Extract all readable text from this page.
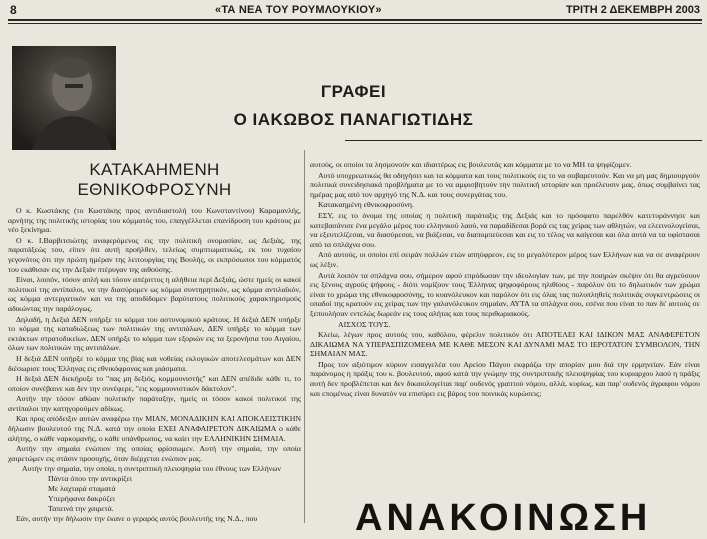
8	«ΤΑ ΝΕΑ ΤΟΥ ΡΟΥΜΛΟΥΚΙΟΥ»	ΤΡΙΤΗ 2 ΔΕΚΕΜΒΡΗ 2003
ΓΡΑΦΕΙ
Ο ΙΑΚΩΒΟΣ ΠΑΝΑΓΙΩΤΙΔΗΣ
ΚΑΤΑΚΑΗΜΕΝΗ
ΕΘΝΙΚΟΦΡΟΣΥΝΗ

Ο κ. Κωστάκης (το Κωστάκης προς αντιδιαστολή του Κωνσταντίνου) Καραμανλής, αρνήτης της πολιτικής ιστορίας του κόμματός του, επαγγέλλεται επανίδρυση του κράτους με νέο ξεκίνημα.

Ο κ. Ι.Βαρβιτσιώτης αναφερόμενος εις την πολιτική ονομασίαν, ως Δεξιάς, της παρατάξεώς του, είπεν ότι αυτή προήλθεν, τελείως συμπτωματικώς, εκ του τυχαίου γεγονότος ότι την πρώτη ημέραν της λειτουργίας της Βουλής, οι εκπρόσωποι του κόμματός του εκάθισαν εις την Δεξιάν πτέρυγαν της αιθούσης.

Είναι, λοιπόν, τόσον απλή και τόσον απέριττος η αλήθεια περί Δεξιάς, ώστε ημείς οι κακοί πολιτικοί της αντίπαλοι, να την διασύρομεν ως κόμμα συντηρητικόν, ως κόμμα αντιλαϊκόν, ως κόμμα αντεργατικόν και να της αποδίδομεν βαρύτατους πολιτικούς χαρακτηρισμούς αδικώντας την παράλογως.

Δηλαδή, η Δεξιά ΔΕΝ υπήρξε το κόμμα του αστυνομικού κράτους. Η δεξιά ΔΕΝ υπήρξε το κόμμα της καταδιώξεως των πολιτικών της αντιπάλων, ΔΕΝ υπήρξε το κόμμα των εκτάκτων στρατοδικείων, ΔΕΝ υπήρξε το κόμμα των εξοριών εις τα ξερονήσια του Αιγαίου, όλων των πολιτικών της αντιπάλων.

Η δεξιά ΔΕΝ υπήρξε το κόμμα της βίας και νοθείας εκλογικών αποτελεσμάτων και ΔΕΝ διέσωρισε τους Έλληνας εις εθνικόφρονας και μιάσματα.

Η δεξιά ΔΕΝ διεκήρυξε το "πας μη δεξιός, κομμουνιστής" και ΔΕΝ απέδιδε κάθε τι, το οποίον συνέβαινε και δεν την συνέφερε, "εις κομμουνιστικόν δάκτυλον".

Αυτήν την τόσον αθώαν πολιτικήν παράταξην, ημείς οι τόσον κακοί πολιτικοί της αντίπαλοι την κατηγορούμεν αδίκως.

Και προς απόδειξιν αυτών αναφέρω την ΜΙΑΝ, ΜΟΝΑΔΙΚΗΝ ΚΑΙ ΑΠΟΚΛΕΙΣΤΙΚΗΝ δήλωσιν βουλευτού της Ν.Δ. κατά την οποία ΕΧΕΙ ΑΝΑΦΑΙΡΕΤΟΝ ΔΙΚΑΙΩΜΑ ο κάθε αλήτης, ο κάθε ναρκομανής, ο κάθε υπάνθρωπος, να καίει την ΕΛΛΗΝΙΚΗΝ ΣΗΜΑΙΑ.

Αυτήν την σημαία ενώπιον της οποίας φρίσσωμεν. Αυτή την σημαία, την οποία χαιρετώμεν εις στάσιν προσοχής, όταν διέρχεται ενώπιον μας.

Αυτήν την σημαία, την οποία, η συντριπτική πλειοψηφία του έθνους των Ελλήνων

Πάντα όπου την αντικρίζει

Με λαχταρά σταματά

Υπερήφανα δακρύζει

Ταπεινά την χαιρετά.

Εάν, αυτήν την δήλωσιν την έκανε ο γεραρός αυτός βουλευτής της Ν.Δ., που

αυτούς, οι οποίοι τα λησμονούν και ιδιαιτέρως εις βουλευτάς και κόμματα με το να ΜΗ τα ψηφίζομεν.

Αυτό υποχρεωτικώς θα οδηγήσει και τα κόμματα και τους πολιτικούς εις το να σοβαρευτούν. Και να μη μας δημιουργούν πολιτικά συνειδησιακά προβλήματα με το να αμφισβητούν την πολιτική ιστορίαν και προέλευσιν μας, όπως συμβαίνει τας ημέρας μας από τον αρχηγό της Ν.Δ. και τους συνεργάτας του.

Κατακαημένη εθνικοφροσύνη.

ΕΣΥ, εις το όνομα της οποίας η πολιτική παράταξις της Δεξιάς και το πρόσφατο παρελθόν κατετυράννησε και κατεβασάνισε ένα μεγάλο μέρος του ελληνικού λαού, να παραδίδεσαι βορά εις τας χείρας των αθλητών, να ελεεινολογείσαι, να εξευτελίζεσαι, να διασύρεσαι, να βιάζεσαι, να διαπομπεύεσαι και εις το τέλος να καίγεσαι και όλα αυτά να τα υφίστασαι από τα σπλάχνα σου.

Από αυτούς, οι οποίοι επί σειράν πολλών ετών απηύφρεον, εις το μεγαλύτερον μέρος των Ελλήνων και να σε αναφέρουν ως λέξιν.

Αυτά λοιπόν τα σπλάχνα σου, σήμερον αφού επρόδωσαν την ιδεολογίαν των, με την ποιηρών σκέψιν ότι θα αγρεύσουν εις ξένους αγρούς ψήφους - διότι νομίζουν τους Έλληνας ψηφοφόρους ηλιθίους - παρόλον ότι το δηλωτικόν των χρώμα είναι το χρώμα της εθνικοφροσύνης, το κυανόλευκον και παρόλον ότι εις όλας τας πολυπληθείς πολιτικάς συγκεντρώσεις οι οπαδοί της κρατούν εις χείρας των την γαλανόλευκον σημαίαν, ΑΥΤΑ τα σπλάχνα σου, εσένα που είναι το παν δι' αυτούς σε ξεπουλήσαν εντελώς δωρεάν εις τους αλήτας και τους περιθωριακούς.

ΑΙΣΧΟΣ ΤΟΥΣ.

Κλείω, λέγων προς αυτούς του, καθόλου, φέρελιν πολιτικόν ότι ΑΠΟΤΕΛΕΙ ΚΑΙ ΙΔΙΚΟΝ ΜΑΣ ΑΝΑΦΕΡΕΤΟΝ ΔΙΚΑΙΩΜΑ ΝΑ ΥΠΕΡΑΣΠΙΖΟΜΕΘΑ ΜΕ ΚΑΘΕ ΜΕΣΟΝ ΚΑΙ ΔΥΝΑΜΙ ΜΑΣ ΤΟ ΙΕΡΟΤΑΤΟΝ ΣΥΜΒΟΛΟΝ, ΤΗΝ ΣΗΜΑΙΑΝ ΜΑΣ.

Προς τον αξιότιμον κύριον εισαγγελέα του Αρείου Πάγου εκφράζω την απορίαν μου διά την ερμηνείαν. Εάν είναι παράνομος η πράξις του κ. βουλευτού, αφού κατά την γνώμην της συντριπτικής πλειοψηφίας του κυριαρχου λαού η πράξις αυτή δεν προβλέπεται και δεν δικαιολογείται παρ' ουδενός γραπτού νόμου, αλλά, κυρίως, και παρ' ουδενός άγραφου νόμου και επομένως είναι δυνατόν να επισύρει εις βάρος του ποινικάς κυρώσεις;

ΑΝΑΚΟΙΝΩΣΗ
